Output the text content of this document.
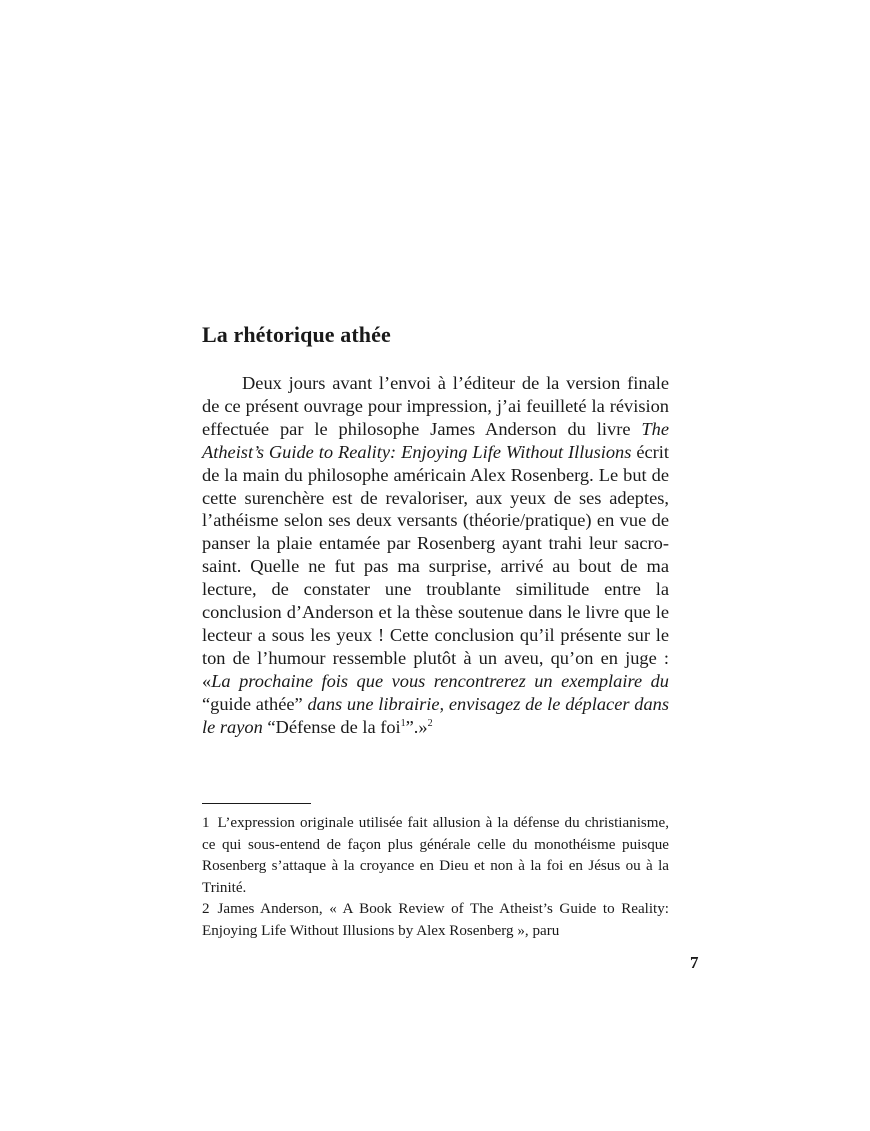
La rhétorique athée

Deux jours avant l’envoi à l’éditeur de la version finale de ce présent ouvrage pour impression, j’ai feuilleté la révision effectuée par le philosophe James Anderson du livre The Atheist’s Guide to Reality: Enjoying Life Without Illusions écrit de la main du philosophe américain Alex Rosenberg. Le but de cette surenchère est de revaloriser, aux yeux de ses adeptes, l’athéisme selon ses deux versants (théorie/pratique) en vue de panser la plaie entamée par Rosenberg ayant trahi leur sacro-saint. Quelle ne fut pas ma surprise, arrivé au bout de ma lecture, de constater une troublante similitude entre la conclusion d’Anderson et la thèse soutenue dans le livre que le lecteur a sous les yeux ! Cette conclusion qu’il présente sur le ton de l’humour ressemble plutôt à un aveu, qu’on en juge : «La prochaine fois que vous rencontrerez un exemplaire du “guide athée” dans une librairie, envisagez de le déplacer dans le rayon “Défense de la foi$^1$”.»$^2$

1 L’expression originale utilisée fait allusion à la défense du christianisme, ce qui sous-entend de façon plus générale celle du monothéisme puisque Rosenberg s’attaque à la croyance en Dieu et non à la foi en Jésus ou à la Trinité.

2 James Anderson, « A Book Review of The Atheist’s Guide to Reality: Enjoying Life Without Illusions by Alex Rosenberg », paru

7
